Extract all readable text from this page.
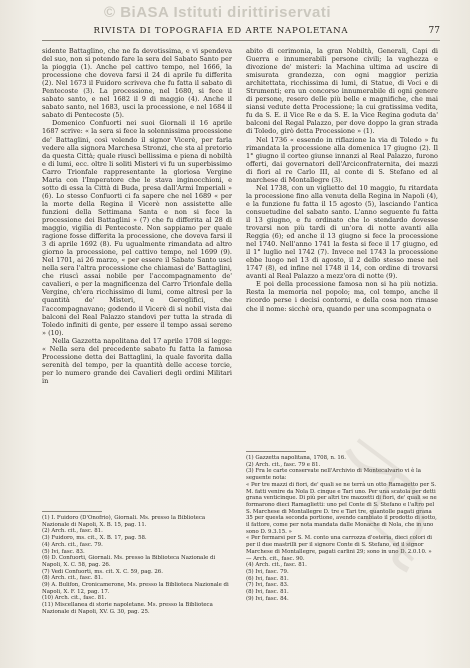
© BiASA Istituti dirittiriservati
RIVISTA DI TOPOGRAFIA ED ARTE NAPOLETANA	77

sidente Battaglino, che ne fa devotissima, e vi spendeva del suo, non si potendo fare la sera del Sabato Santo per la pioggia (1). Anche pel cattivo tempo, nel 1666, la processione che doveva farsi il 24 di aprile fu differita (2). Nel 1673 il Fuidoro scriveva che fu fatta il sabato di Pentecoste (3). La processione, nel 1680, si fece il sabato santo, e nel 1682 il 9 di maggio (4). Anche il sabato santo, nel 1683, usci la processione, e nel 1684 il sabato di Pentecoste (5).

Domenico Confuorti nei suoi Giornali il 16 aprile 1687 scrive: « la sera si fece la solennissima processione de' Battaglini, così volendo il signor Vicerè, per farla vedere alla signora Marchesa Stronzi, che sta al pretorio da questa Città; quale riuscì bellissima e piena di nobiltà e di lumi, ecc. oltre li soliti Misteri vi fu un superbissimo Carro Trionfale rappresentante la gloriosa Vergine Maria con l'Imperatore che le stava inginocchioni, e sotto di essa la Città di Buda, presa dall'Armi Imperiali » (6). Lo stesso Confuorti ci fa sapere che nel 1689 « per la morte della Regina il Vicerè non assistette alle funzioni della Settimana Santa e non si fece la processione dei Battaglini » (7) che fu differita al 28 di maggio, vigilia di Pentecoste. Non sappiamo per quale ragione fosse differita la processione, che doveva farsi il 3 di aprile 1692 (8). Fu ugualmente rimandata ad altro giorno la processione, pel cattivo tempo, nel 1699 (9). Nel 1701, ai 26 marzo, « per essere il Sabato Santo uscì nella sera l'altra processione che chiamasi de' Battaglini, che riuscì assai nobile per l'accompagnamento de' cavalieri, e per la magnificenza del Carro Trionfale della Vergine, ch'era ricchissimo di lumi, come altresì per la quantità de' Misteri, e Geroglifici, che l'accompagnavano; godendo il Vicerè di sì nobil vista dai balconi del Real Palazzo standovi per tutta la strada di Toledo infiniti di gente, per essere il tempo assai sereno » (10).

Nella Gazzetta napolitana del 17 aprile 1708 si legge: « Nella sera del precedente sabato fu fatta la famosa Processione detta dei Battaglini, la quale favorita dalla serenità del tempo, per la quantità delle accese torcie, per lo numero grande dei Cavalieri degli ordini Militari in

abito di cerimonia, la gran Nobiltà, Generali, Capi di Guerra e innumerabili persone civili; la vaghezza e divozione de' misteri: la Machina ultima ad uscire di smisurata grandezza, con ogni maggior perizia architettata, ricchissima di lumi, di Statue, di Voci e di Strumenti; era un concorso innumerabile di ogni genere di persone, resero delle più belle e magnifiche, che mai siansi vedute detta Processione; la cui gratissima vedita, fu da S. E. il Vice Re e da S. E. la Vice Regina goduta da' balconi del Regal Palazzo, per dove doppo la gran strada di Toledo, girò detta Processione » (1).

Nel 1736 « essendo in riflazione la via di Toledo » fu rimandata la processione alla domenica 17 giugno (2). Il 1° giugno il corteo giunse innanzi al Real Palazzo, furono offerti, dai governatori dell'Arciconfraternita, dei mazzi di fiori al re Carlo III, al conte di S. Stefano ed al marchese di Montallegre (3).

Nel 1738, con un viglietto del 10 maggio, fu ritardata la processione fino alla venuta della Regina in Napoli (4), e la funzione fu fatta il 15 agosto (5), lasciando l'antica consuetudine del sabato santo. L'anno seguente fu fatta il 13 giugno, e fu ordinato che lo stendardo dovesse trovarsi non più tardi di un'ora di notte avanti alla Reggia (6); ed anche il 13 giugno si fece la processione nel 1740. Nell'anno 1741 la festa si fece il 17 giugno, ed il 1° luglio nel 1742 (7). Invece nel 1743 la processione ebbe luogo nel 13 di agosto, il 2 dello stesso mese nel 1747 (8), ed infine nel 1748 il 14, con ordine di trovarsi avanti al Real Palazzo a mezz'ora di notte (9).

E poi della processione famosa non si ha più notizia. Resta la memoria nel popolo; ma, col tempo, anche il ricordo perse i decisi contorni, e della cosa non rimase che il nome: sicchè ora, quando per una scompagnata o

(1) I. Fuidoro (D'Onofrio), Giornali. Ms. presso la Biblioteca Nazionale di Napoli, X. B. 15, pag. 11.

(2) Arch. cit., fasc. 81.

(3) Fuidoro, ms. cit., X. B. 17, pag. 58.

(4) Arch. cit., fasc. 79.

(5) Ivi, fasc. 83.

(6) D. Confuorti, Giornali. Ms. presso la Biblioteca Nazionale di Napoli, X. C. 58, pag. 26.

(7) Vedi Confuorti, ms. cit. X. C. 59, pag. 26.

(8) Arch. cit., fasc. 81.

(9) A. Bulifon, Cronicamerone, Ms. presso la Biblioteca Nazionale di Napoli, X. F. 12, pag. 17.

(10) Arch. cit., fasc. 81.

(11) Miscellanea di storie napoletane. Ms. presso la Biblioteca Nazionale di Napoli, XV. G. 30, pag. 25.

(1) Gazzetta napolitana, 1708, n. 16.

(2) Arch. cit., fasc. 79 e 81.

(3) Fra le carte conservate nell'Archivio di Montecalvario vi è la seguente nota:

« Per tre mazzi di fiori, de' quali se ne terrà un otto Ramagetto per S. M. fatti venire da Nola D. cinque e Tari uno. Per una scatola per detti grana venticinque. Di più per altri tre mazzetti di fiori, de' quali se ne formarono dieci Ramaglietti: uno pel Conte di S. Stefano e l'altro pel S. Marchese di Montallegre D. tre e Tari tre, quantolle pagati grana 35 per questa seconda portione, avendo cambiato il prodotto di sotto, il fattore, come per nota mandata dalle Monache di Nola, che in uno sono D. 9.3.15. »

« Per fermarsi per S. M. conto una carrozza d'osteria, dieci colori di per il due mastrilli per il signore Conte di S. Stefano, ed il signor Marchese di Montallegre, pagati carlini 29; sono in uno D. 2.0.10. » — Arch. cit., fasc. 90.

(4) Arch. cit., fasc. 81.

(5) Ivi, fasc. 79.

(6) Ivi, fasc. 81.

(7) Ivi, fasc. 83.

(8) Ivi, fasc. 81.

(9) Ivi, fasc. 84.
